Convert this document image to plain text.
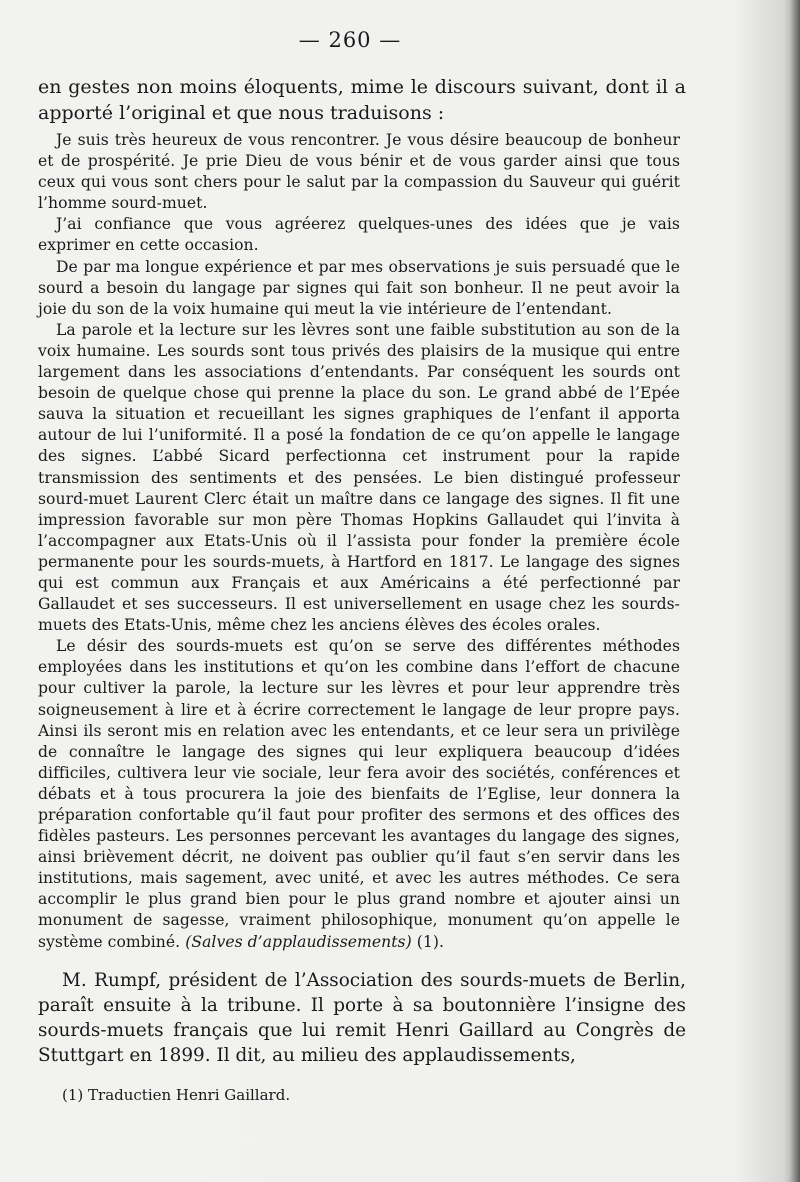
— 260 —
en gestes non moins éloquents, mime le discours suivant, dont il a apporté l’original et que nous traduisons :

Je suis très heureux de vous rencontrer. Je vous désire beaucoup de bonheur et de prospérité. Je prie Dieu de vous bénir et de vous garder ainsi que tous ceux qui vous sont chers pour le salut par la compassion du Sauveur qui guérit l’homme sourd-muet.

J’ai confiance que vous agréerez quelques-unes des idées que je vais exprimer en cette occasion.

De par ma longue expérience et par mes observations je suis persuadé que le sourd a besoin du langage par signes qui fait son bonheur. Il ne peut avoir la joie du son de la voix humaine qui meut la vie intérieure de l’entendant.

La parole et la lecture sur les lèvres sont une faible substitution au son de la voix humaine. Les sourds sont tous privés des plaisirs de la musique qui entre largement dans les associations d’entendants. Par conséquent les sourds ont besoin de quelque chose qui prenne la place du son. Le grand abbé de l’Epée sauva la situation et recueillant les signes graphiques de l’enfant il apporta autour de lui l’uniformité. Il a posé la fondation de ce qu’on appelle le langage des signes. L’abbé Sicard perfectionna cet instrument pour la rapide transmission des sentiments et des pensées. Le bien distingué professeur sourd-muet Laurent Clerc était un maître dans ce langage des signes. Il fit une impression favorable sur mon père Thomas Hopkins Gallaudet qui l’invita à l’accompagner aux Etats-Unis où il l’assista pour fonder la première école permanente pour les sourds-muets, à Hartford en 1817. Le langage des signes qui est commun aux Français et aux Américains a été perfectionné par Gallaudet et ses successeurs. Il est universellement en usage chez les sourds-muets des Etats-Unis, même chez les anciens élèves des écoles orales.

Le désir des sourds-muets est qu’on se serve des différentes méthodes employées dans les institutions et qu’on les combine dans l’effort de chacune pour cultiver la parole, la lecture sur les lèvres et pour leur apprendre très soigneusement à lire et à écrire correctement le langage de leur propre pays. Ainsi ils seront mis en relation avec les entendants, et ce leur sera un privilège de connaître le langage des signes qui leur expliquera beaucoup d’idées difficiles, cultivera leur vie sociale, leur fera avoir des sociétés, conférences et débats et à tous procurera la joie des bienfaits de l’Eglise, leur donnera la préparation confortable qu’il faut pour profiter des sermons et des offices des fidèles pasteurs. Les personnes percevant les avantages du langage des signes, ainsi brièvement décrit, ne doivent pas oublier qu’il faut s’en servir dans les institutions, mais sagement, avec unité, et avec les autres méthodes. Ce sera accomplir le plus grand bien pour le plus grand nombre et ajouter ainsi un monument de sagesse, vraiment philosophique, monument qu’on appelle le système combiné. (Salves d’applaudissements) (1).

M. Rumpf, président de l’Association des sourds-muets de Berlin, paraît ensuite à la tribune. Il porte à sa boutonnière l’insigne des sourds-muets français que lui remit Henri Gaillard au Congrès de Stuttgart en 1899. Il dit, au milieu des applaudissements,

(1) Traductien Henri Gaillard.
